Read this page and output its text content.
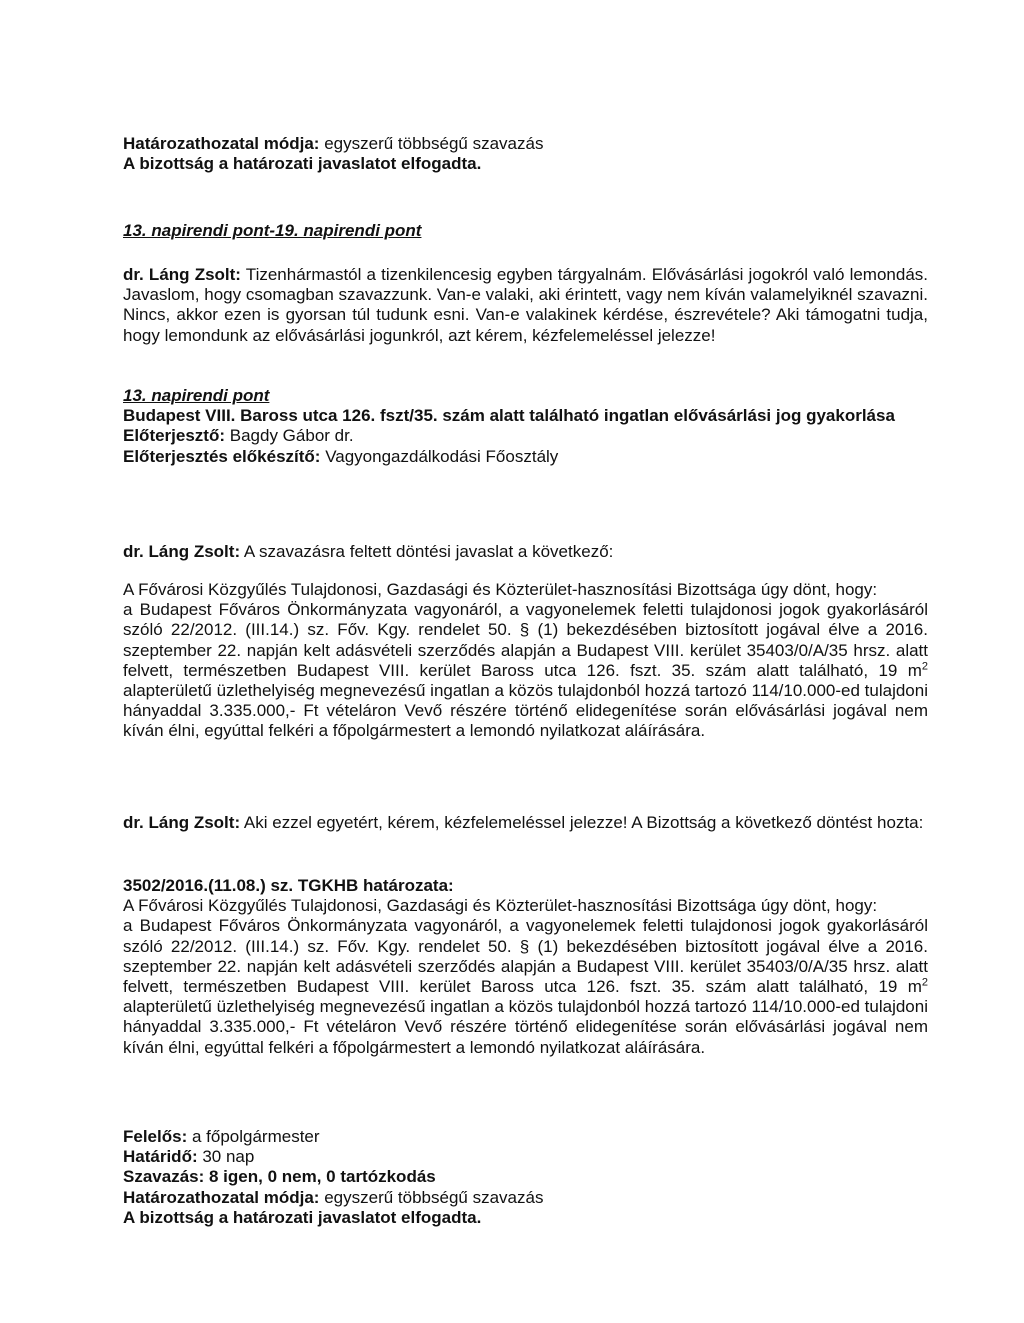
Határozathozatal módja: egyszerű többségű szavazás

A bizottság a határozati javaslatot elfogadta.

13. napirendi pont-19. napirendi pont

dr. Láng Zsolt: Tizenhármastól a tizenkilencesig egyben tárgyalnám. Elővásárlási jogokról való lemondás. Javaslom, hogy csomagban szavazzunk. Van-e valaki, aki érintett, vagy nem kíván valamelyiknél szavazni. Nincs, akkor ezen is gyorsan túl tudunk esni. Van-e valakinek kérdése, észrevétele? Aki támogatni tudja, hogy lemondunk az elővásárlási jogunkról, azt kérem, kézfelemeléssel jelezze!

13. napirendi pont

Budapest VIII. Baross utca 126. fszt/35. szám alatt található ingatlan elővásárlási jog gyakorlása

Előterjesztő: Bagdy Gábor dr.

Előterjesztés előkészítő: Vagyongazdálkodási Főosztály

dr. Láng Zsolt: A szavazásra feltett döntési javaslat a következő:

A Fővárosi Közgyűlés Tulajdonosi, Gazdasági és Közterület-hasznosítási Bizottsága úgy dönt, hogy:

a Budapest Főváros Önkormányzata vagyonáról, a vagyonelemek feletti tulajdonosi jogok gyakorlásáról szóló 22/2012. (III.14.) sz. Főv. Kgy. rendelet 50. § (1) bekezdésében biztosított jogával élve a 2016. szeptember 22. napján kelt adásvételi szerződés alapján a Budapest VIII. kerület 35403/0/A/35 hrsz. alatt felvett, természetben Budapest VIII. kerület Baross utca 126. fszt. 35. szám alatt található, 19 $m^2$ alapterületű üzlethelyiség megnevezésű ingatlan a közös tulajdonból hozzá tartozó 114/10.000-ed tulajdoni hányaddal 3.335.000,- Ft vételáron Vevő részére történő elidegenítése során elővásárlási jogával nem kíván élni, egyúttal felkéri a főpolgármestert a lemondó nyilatkozat aláírására.

dr. Láng Zsolt: Aki ezzel egyetért, kérem, kézfelemeléssel jelezze! A Bizottság a következő döntést hozta:

3502/2016.(11.08.) sz. TGKHB határozata:

A Fővárosi Közgyűlés Tulajdonosi, Gazdasági és Közterület-hasznosítási Bizottsága úgy dönt, hogy:

a Budapest Főváros Önkormányzata vagyonáról, a vagyonelemek feletti tulajdonosi jogok gyakorlásáról szóló 22/2012. (III.14.) sz. Főv. Kgy. rendelet 50. § (1) bekezdésében biztosított jogával élve a 2016. szeptember 22. napján kelt adásvételi szerződés alapján a Budapest VIII. kerület 35403/0/A/35 hrsz. alatt felvett, természetben Budapest VIII. kerület Baross utca 126. fszt. 35. szám alatt található, 19 $m^2$ alapterületű üzlethelyiség megnevezésű ingatlan a közös tulajdonból hozzá tartozó 114/10.000-ed tulajdoni hányaddal 3.335.000,- Ft vételáron Vevő részére történő elidegenítése során elővásárlási jogával nem kíván élni, egyúttal felkéri a főpolgármestert a lemondó nyilatkozat aláírására.

Felelős: a főpolgármester

Határidő: 30 nap

Szavazás: 8 igen, 0 nem, 0 tartózkodás

Határozathozatal módja: egyszerű többségű szavazás

A bizottság a határozati javaslatot elfogadta.
